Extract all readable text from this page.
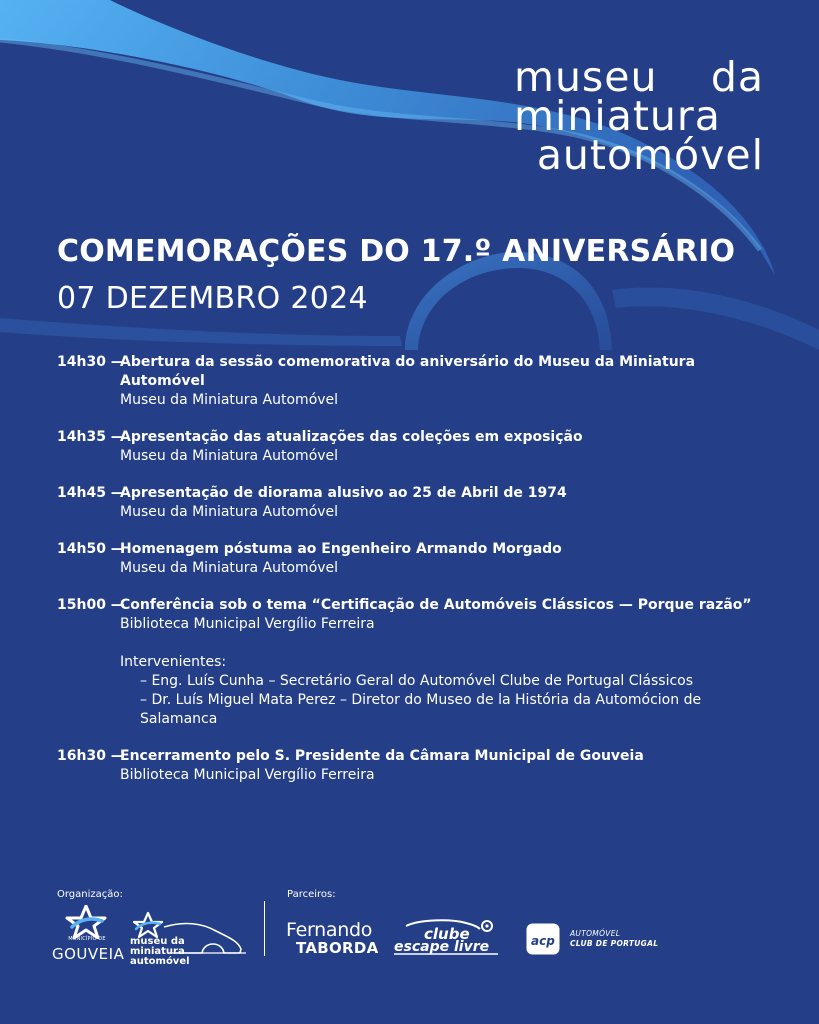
museu da
miniatura
automóvel
COMEMORAÇÕES DO 17.º ANIVERSÁRIO
07 DEZEMBRO 2024
14h30 —
Abertura da sessão comemorativa do aniversário do Museu da Miniatura Automóvel
Museu da Miniatura Automóvel
14h35 —
Apresentação das atualizações das coleções em exposição
Museu da Miniatura Automóvel
14h45 —
Apresentação de diorama alusivo ao 25 de Abril de 1974
Museu da Miniatura Automóvel
14h50 —
Homenagem póstuma ao Engenheiro Armando Morgado
Museu da Miniatura Automóvel
15h00 —
Conferência sob o tema “Certificação de Automóveis Clássicos — Porque razão”
Biblioteca Municipal Vergílio Ferreira
Intervenientes:
– Eng. Luís Cunha – Secretário Geral do Automóvel Clube de Portugal Clássicos
– Dr. Luís Miguel Mata Perez – Diretor do Museo de la História da Automócion de Salamanca
16h30 —
Encerramento pelo S. Presidente da Câmara Municipal de Gouveia
Biblioteca Municipal Vergílio Ferreira
Organização:	Parceiros:
MUNICÍPIO DE
GOUVEIA
museu da
miniatura
automóvel
Fernando
TABORDA
clube
escape livre	acp
AUTOMÓVEL
CLUB DE PORTUGAL
